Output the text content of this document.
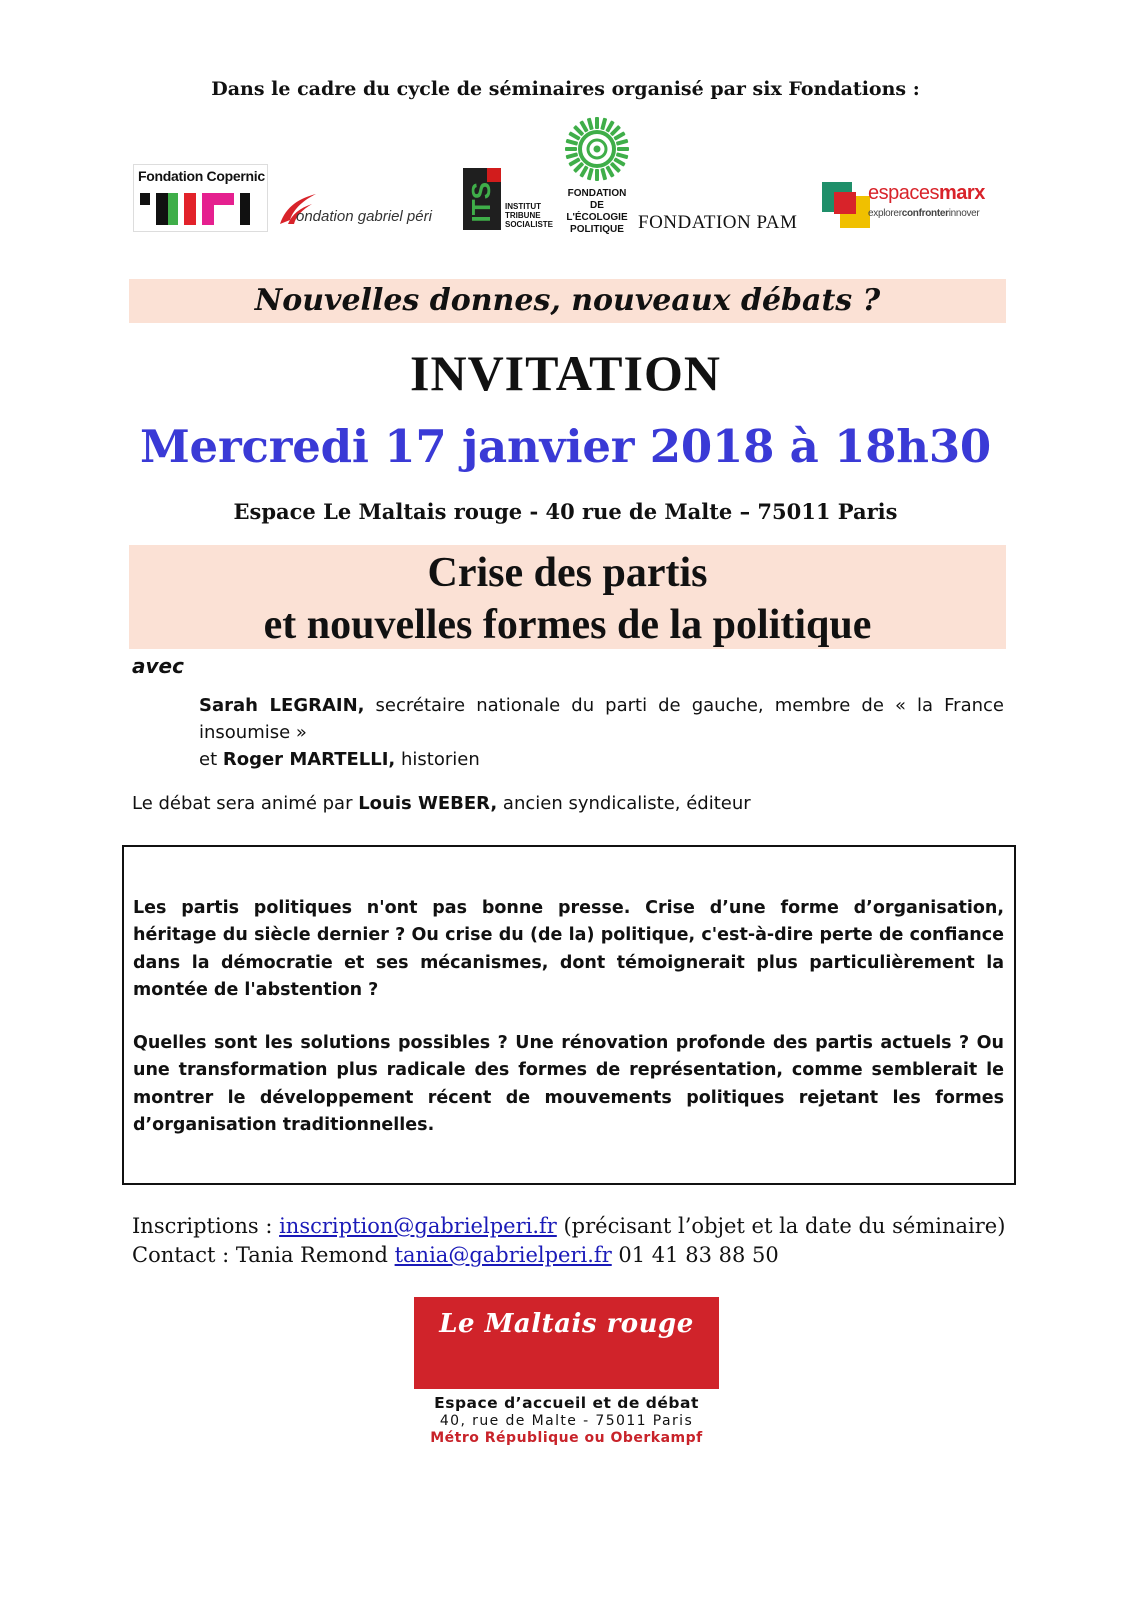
Dans le cadre du cycle de séminaires organisé par six Fondations :
Fondation Copernic
ondation gabriel péri ITS INSTITUT
TRIBUNE
SOCIALISTE
FONDATION
DE L'ÉCOLOGIE
POLITIQUE FONDATION PAM
espacesmarx
explorerconfronterinnover
Nouvelles donnes, nouveaux débats ?
INVITATION
Mercredi 17 janvier 2018 à 18h30
Espace Le Maltais rouge - 40 rue de Malte – 75011 Paris
Crise des partis
et nouvelles formes de la politique
avec
Sarah LEGRAIN, secrétaire nationale du parti de gauche, membre de « la France insoumise »
et Roger MARTELLI, historien
Le débat sera animé par Louis WEBER, ancien syndicaliste, éditeur

Les partis politiques n'ont pas bonne presse. Crise d’une forme d’organisation, héritage du siècle dernier ? Ou crise du (de la) politique, c'est-à-dire perte de confiance dans la démocratie et ses mécanismes, dont témoignerait plus particulièrement la montée de l'abstention ?

Quelles sont les solutions possibles ? Une rénovation profonde des partis actuels ? Ou une transformation plus radicale des formes de représentation, comme semblerait le montrer le développement récent de mouvements politiques rejetant les formes d’organisation traditionnelles.

Inscriptions : inscription@gabrielperi.fr (précisant l’objet et la date du séminaire)
Contact : Tania Remond tania@gabrielperi.fr 01 41 83 88 50
Le Maltais rouge
Espace d’accueil et de débat
40, rue de Malte - 75011 Paris
Métro République ou Oberkampf
